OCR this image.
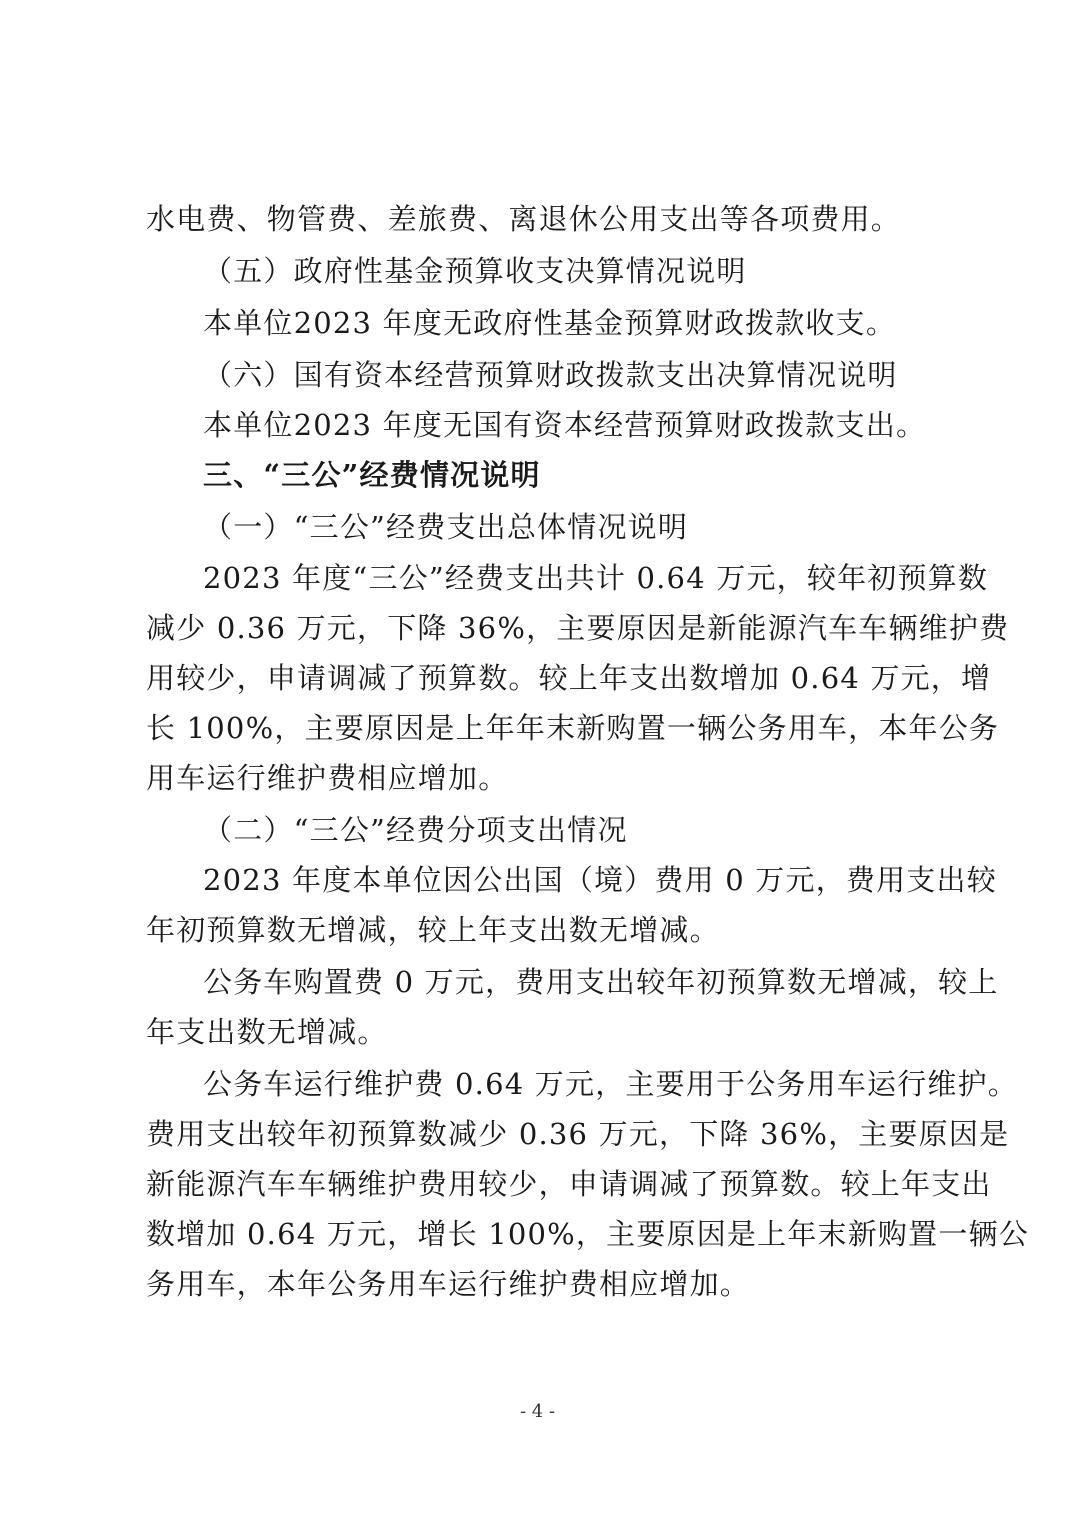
水电费、物管费、差旅费、离退休公用支出等各项费用。
（五）政府性基金预算收支决算情况说明
本单位2023 年度无政府性基金预算财政拨款收支。
（六）国有资本经营预算财政拨款支出决算情况说明
本单位2023 年度无国有资本经营预算财政拨款支出。
三、“三公”经费情况说明
（一）“三公”经费支出总体情况说明
2023 年度“三公”经费支出共计 0.64 万元，较年初预算数
减少 0.36 万元，下降 36%，主要原因是新能源汽车车辆维护费
用较少，申请调减了预算数。较上年支出数增加 0.64 万元，增
长 100%，主要原因是上年年末新购置一辆公务用车，本年公务
用车运行维护费相应增加。
（二）“三公”经费分项支出情况
2023 年度本单位因公出国（境）费用 0 万元，费用支出较
年初预算数无增减，较上年支出数无增减。
公务车购置费 0 万元，费用支出较年初预算数无增减，较上
年支出数无增减。
公务车运行维护费 0.64 万元，主要用于公务用车运行维护。
费用支出较年初预算数减少 0.36 万元，下降 36%，主要原因是
新能源汽车车辆维护费用较少，申请调减了预算数。较上年支出
数增加 0.64 万元，增长 100%，主要原因是上年末新购置一辆公
务用车，本年公务用车运行维护费相应增加。
- 4 -
